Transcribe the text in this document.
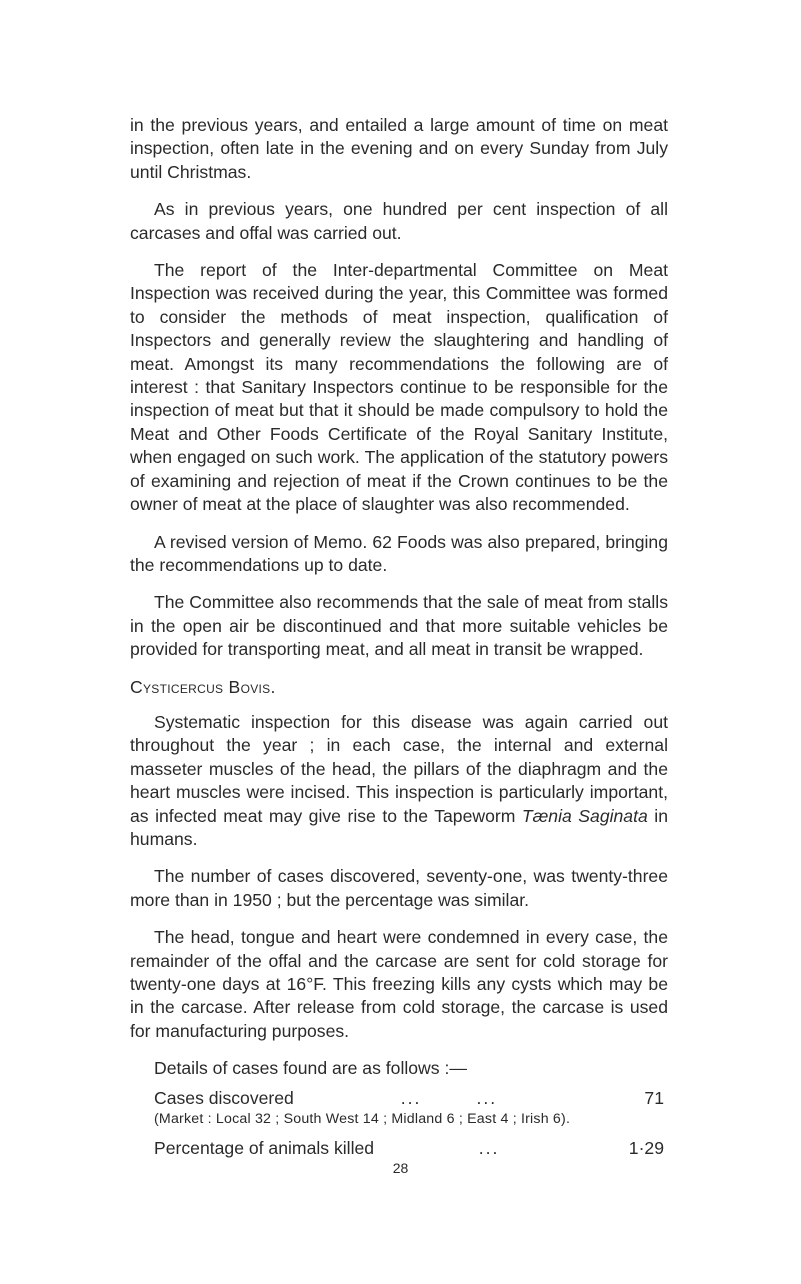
in the previous years, and entailed a large amount of time on meat inspection, often late in the evening and on every Sunday from July until Christmas.

As in previous years, one hundred per cent inspection of all carcases and offal was carried out.

The report of the Inter-departmental Committee on Meat Inspection was received during the year, this Committee was formed to consider the methods of meat inspection, qualification of Inspectors and generally review the slaughtering and handling of meat. Amongst its many recommendations the following are of interest : that Sanitary Inspectors continue to be responsible for the inspection of meat but that it should be made compulsory to hold the Meat and Other Foods Certificate of the Royal Sanitary Institute, when engaged on such work. The application of the statutory powers of examining and rejection of meat if the Crown continues to be the owner of meat at the place of slaughter was also recommended.

A revised version of Memo. 62 Foods was also prepared, bringing the recommendations up to date.

The Committee also recommends that the sale of meat from stalls in the open air be discontinued and that more suitable vehicles be provided for transporting meat, and all meat in transit be wrapped.

Cysticercus Bovis.

Systematic inspection for this disease was again carried out throughout the year ; in each case, the internal and external masseter muscles of the head, the pillars of the diaphragm and the heart muscles were incised. This inspection is particularly important, as infected meat may give rise to the Tapeworm Tænia Saginata in humans.

The number of cases discovered, seventy-one, was twenty-three more than in 1950 ; but the percentage was similar.

The head, tongue and heart were condemned in every case, the remainder of the offal and the carcase are sent for cold storage for twenty-one days at 16°F. This freezing kills any cysts which may be in the carcase. After release from cold storage, the carcase is used for manufacturing purposes.

Details of cases found are as follows :—

Cases discovered	...        ...	71

(Market : Local 32 ; South West 14 ; Midland 6 ; East 4 ; Irish 6).

Percentage of animals killed	...	1·29
28
